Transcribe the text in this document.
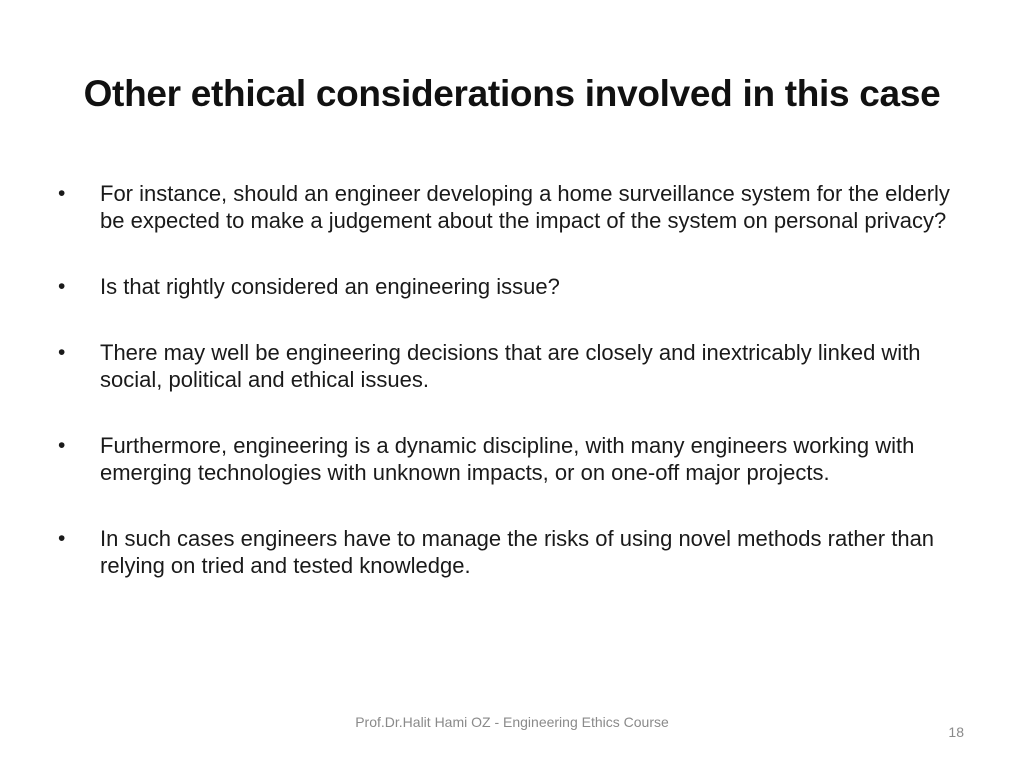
Other ethical considerations involved in this case
•	For instance, should an engineer developing a home surveillance system for the elderly be expected to make a judgement about the impact of the system on personal privacy?
•	Is that rightly considered an engineering issue?
•	There may well be engineering decisions that are closely and inextricably linked with social, political and ethical issues.
•	Furthermore, engineering is a dynamic discipline, with many engineers working with emerging technologies with unknown impacts, or on one-off major projects.
•	In such cases engineers have to manage the risks of using novel methods rather than relying on tried and tested knowledge.
Prof.Dr.Halit Hami OZ - Engineering Ethics Course
18
